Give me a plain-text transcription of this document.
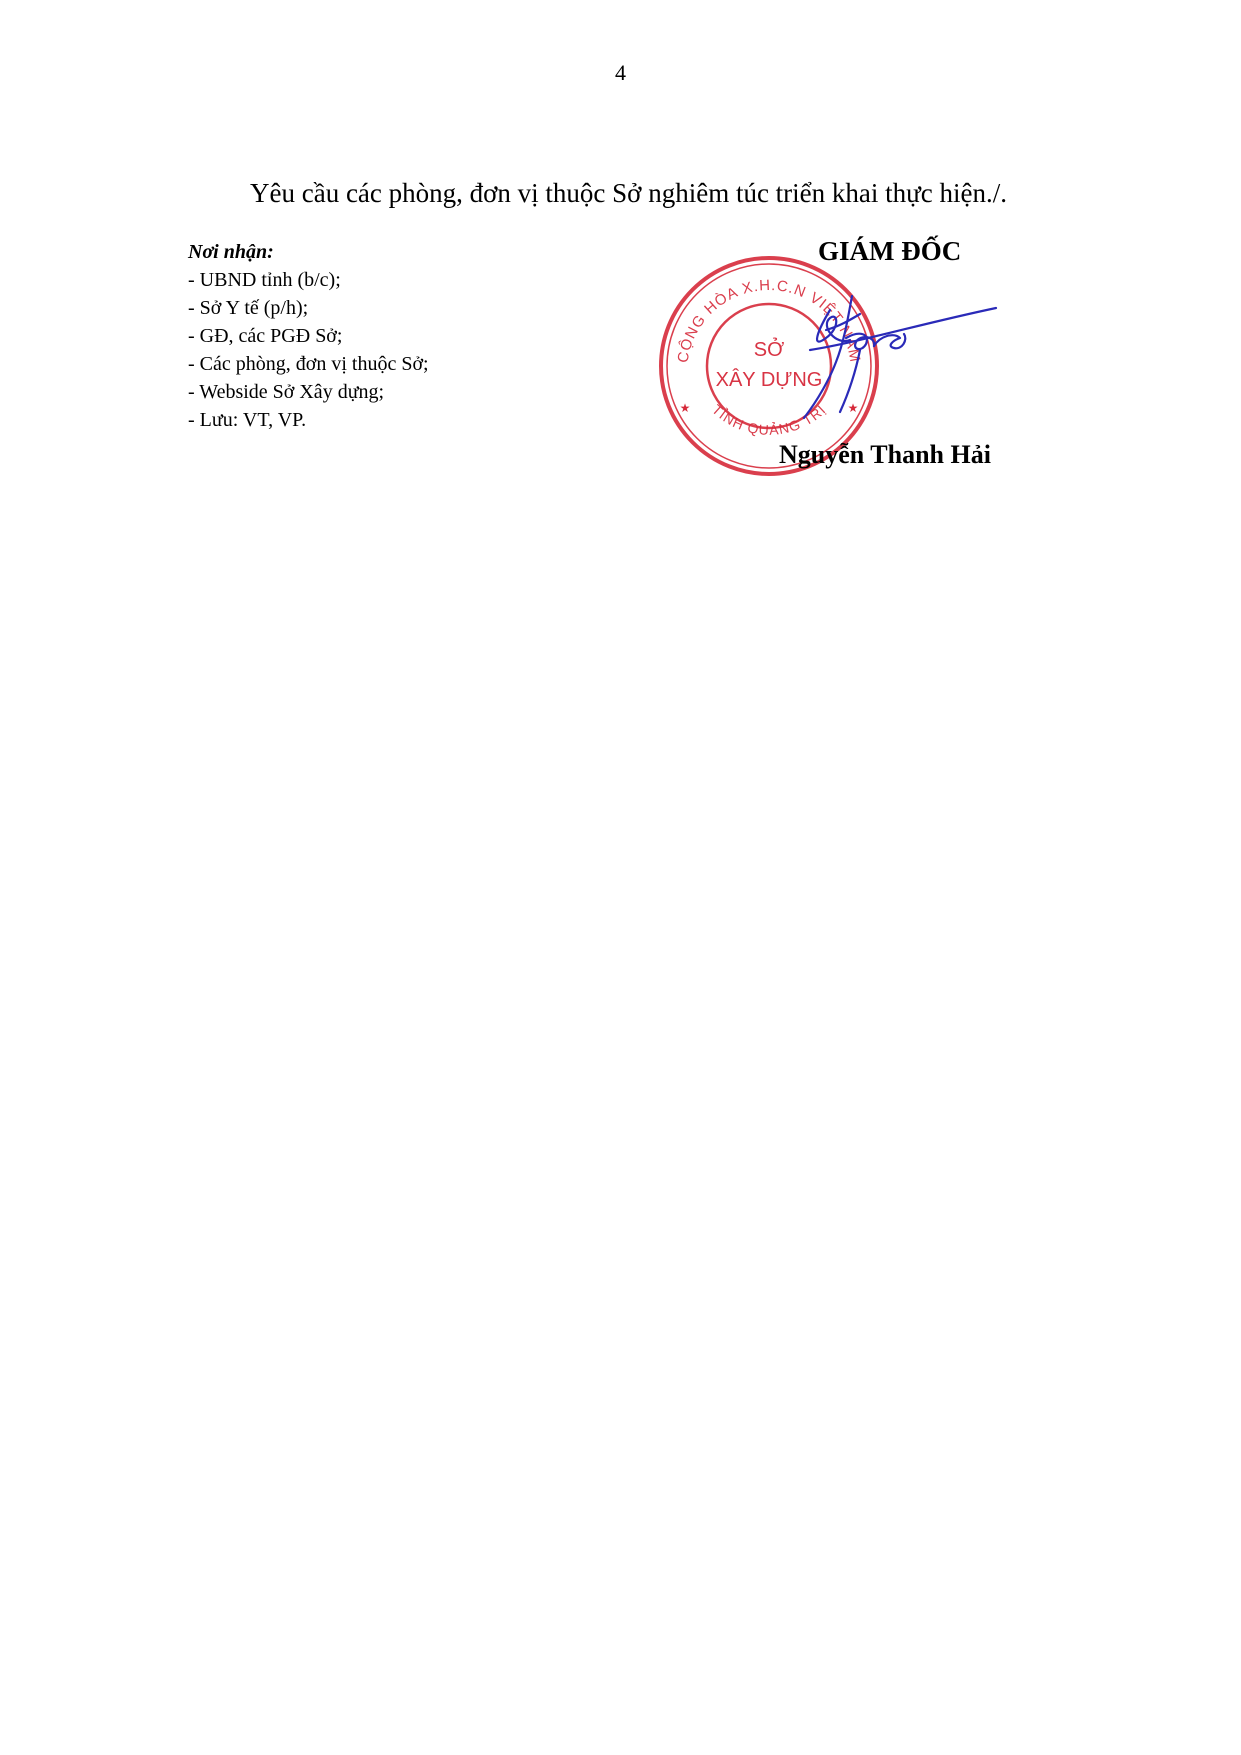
4
Yêu cầu các phòng, đơn vị thuộc Sở nghiêm túc triển khai thực hiện./.
Nơi nhận:
- UBND tỉnh (b/c);
- Sở Y tế (p/h);
- GĐ, các PGĐ Sở;
- Các phòng, đơn vị thuộc Sở;
- Webside Sở Xây dựng;
- Lưu: VT, VP.
GIÁM ĐỐC
CỘNG HÒA X.H.C.N VIỆT NAM
TỈNH QUẢNG TRỊ
★	★
SỞ
XÂY DỰNG
Nguyễn Thanh Hải
